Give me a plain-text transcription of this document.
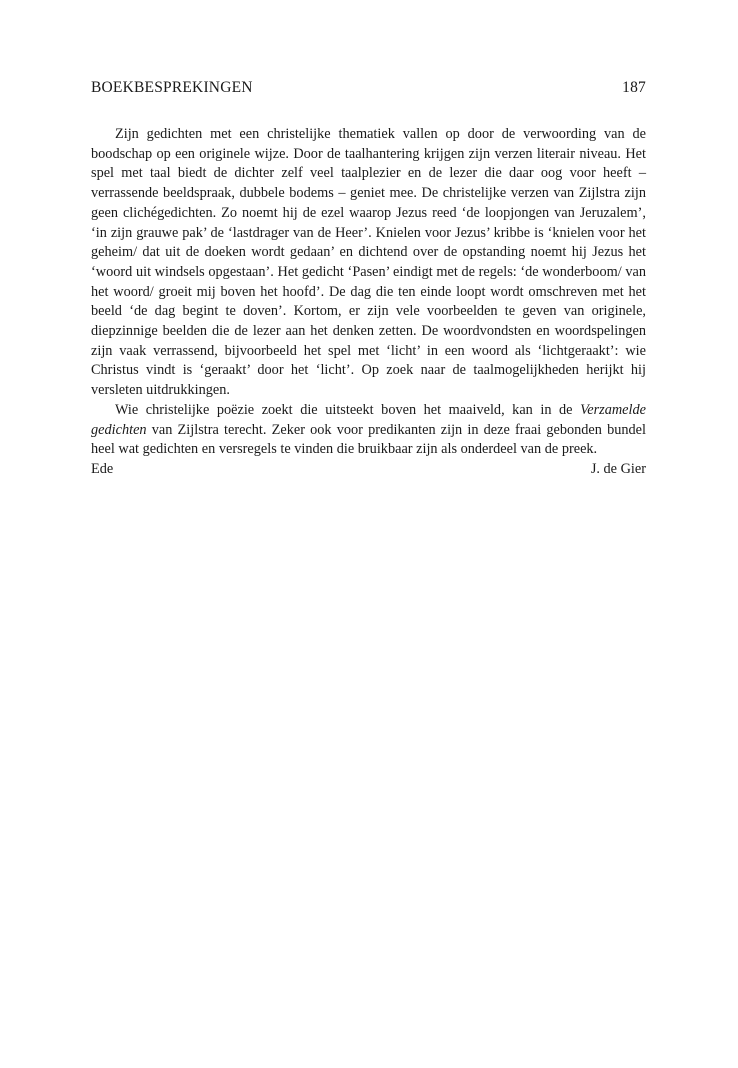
BOEKBESPREKINGEN	187

Zijn gedichten met een christelijke thematiek vallen op door de verwoording van de boodschap op een originele wijze. Door de taalhantering krijgen zijn verzen literair niveau. Het spel met taal biedt de dichter zelf veel taalplezier en de lezer die daar oog voor heeft – verrassende beeldspraak, dubbele bodems – geniet mee. De christelijke verzen van Zijlstra zijn geen clichégedichten. Zo noemt hij de ezel waarop Jezus reed ‘de loopjongen van Jeruzalem’, ‘in zijn grauwe pak’ de ‘lastdrager van de Heer’. Knielen voor Jezus’ kribbe is ‘knielen voor het geheim/ dat uit de doeken wordt gedaan’ en dichtend over de opstanding noemt hij Jezus het ‘woord uit windsels opgestaan’. Het gedicht ‘Pasen’ eindigt met de regels: ‘de wonderboom/ van het woord/ groeit mij boven het hoofd’. De dag die ten einde loopt wordt omschreven met het beeld ‘de dag begint te doven’. Kortom, er zijn vele voorbeelden te geven van originele, diepzinnige beelden die de lezer aan het denken zetten. De woordvondsten en woordspelingen zijn vaak verrassend, bijvoorbeeld het spel met ‘licht’ in een woord als ‘lichtgeraakt’: wie Christus vindt is ‘geraakt’ door het ‘licht’. Op zoek naar de taalmogelijkheden herijkt hij versleten uitdrukkingen.

Wie christelijke poëzie zoekt die uitsteekt boven het maaiveld, kan in de Verzamelde gedichten van Zijlstra terecht. Zeker ook voor predikanten zijn in deze fraai gebonden bundel heel wat gedichten en versregels te vinden die bruikbaar zijn als onderdeel van de preek.

Ede	J. de Gier
